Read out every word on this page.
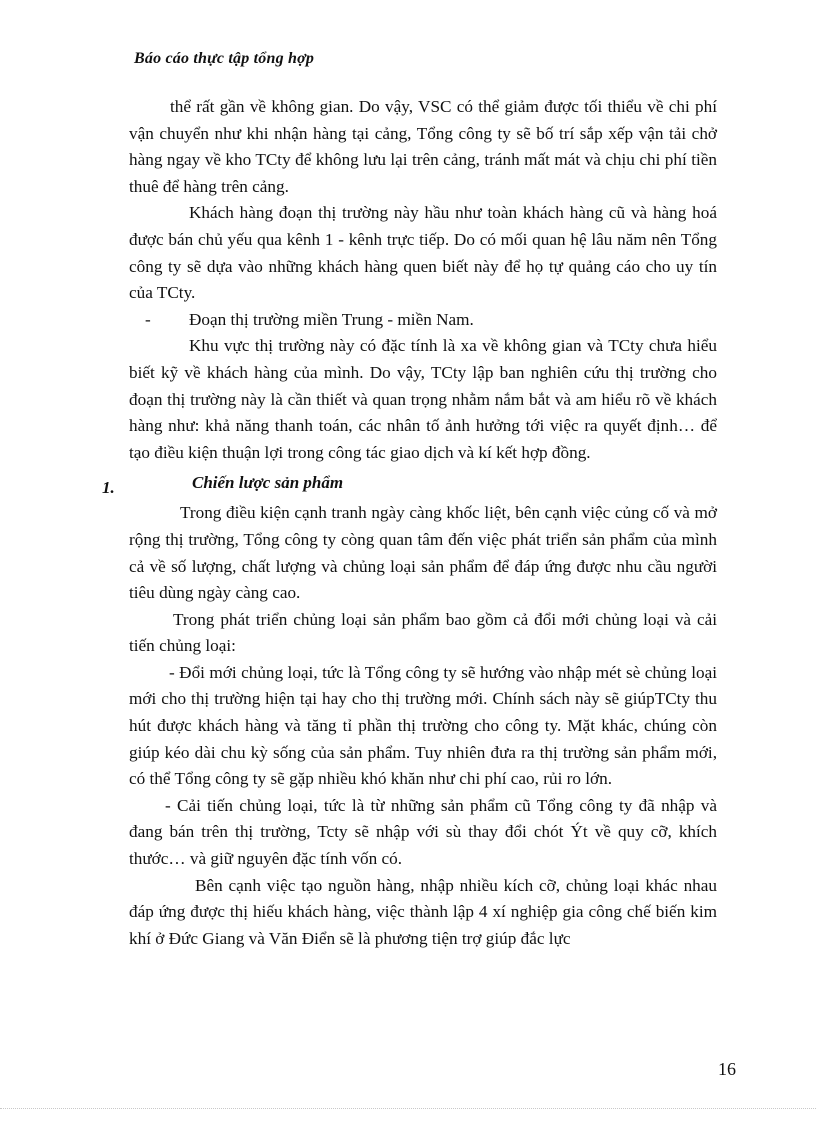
Báo cáo thực tập tổng hợp

thể rất gần về không gian. Do vậy, VSC có thể giảm được tối thiểu về chi phí vận chuyển như khi nhận hàng tại cảng, Tổng công ty sẽ bố trí sắp xếp vận tải chở hàng ngay về kho TCty để không lưu lại trên cảng, tránh mất mát và chịu chi phí tiền thuê để hàng trên cảng.

Khách hàng đoạn thị trường này hầu như toàn khách hàng cũ và hàng hoá được bán chủ yếu qua kênh 1 - kênh trực tiếp. Do có mối quan hệ lâu năm nên Tổng công ty sẽ dựa vào những khách hàng quen biết này để họ tự quảng cáo cho uy tín của TCty.

- Đoạn thị trường miền Trung - miền Nam.

Khu vực thị trường này có đặc tính là xa về không gian và TCty chưa hiểu biết kỹ về khách hàng của mình. Do vậy, TCty lập ban nghiên cứu thị trường cho đoạn thị trường này là cần thiết và quan trọng nhằm nắm bắt và am hiểu rõ về khách hàng như: khả năng thanh toán, các nhân tố ảnh hưởng tới việc ra quyết định… để tạo điều kiện thuận lợi trong công tác giao dịch và kí kết hợp đồng.

1.	Chiến lược sản phẩm

Trong điều kiện cạnh tranh ngày càng khốc liệt, bên cạnh việc củng cố và mở rộng thị trường, Tổng công ty còng quan tâm đến việc phát triển sản phẩm của mình cả về số lượng, chất lượng và chủng loại sản phẩm để đáp ứng được nhu cầu người tiêu dùng ngày càng cao.

Trong phát triển chủng loại sản phẩm bao gồm cả đổi mới chủng loại và cải tiến chủng loại:

- Đổi mới chủng loại, tức là Tổng công ty sẽ hướng vào nhập mét sè chủng loại mới cho thị trường hiện tại hay cho thị trường mới. Chính sách này sẽ giúpTCty thu hút được khách hàng và tăng tỉ phần thị trường cho công ty. Mặt khác, chúng còn giúp kéo dài chu kỳ sống của sản phẩm. Tuy nhiên đưa ra thị trường sản phẩm mới, có thể Tổng công ty sẽ gặp nhiều khó khăn như chi phí cao, rủi ro lớn.

- Cải tiến chủng loại, tức là từ những sản phẩm cũ Tổng công ty đã nhập và đang bán trên thị trường, Tcty sẽ nhập với sù thay đổi chót Ýt về quy cỡ, khích thước… và giữ nguyên đặc tính vốn có.

Bên cạnh việc tạo nguồn hàng, nhập nhiều kích cỡ, chủng loại khác nhau đáp ứng được thị hiếu khách hàng, việc thành lập 4 xí nghiệp gia công chế biến kim khí ở Đức Giang và Văn Điển sẽ là phương tiện trợ giúp đắc lực

16
